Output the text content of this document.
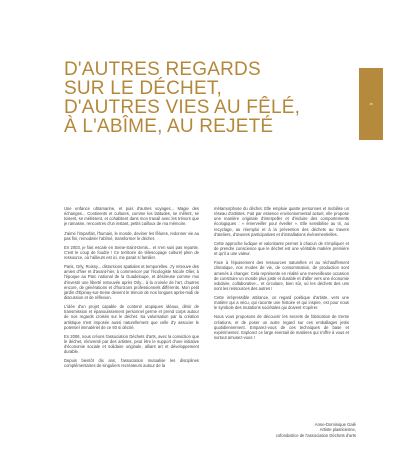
15
D'AUTRES REGARDS
SUR LE DÉCHET,
D'AUTRES VIES AU FÊLÉ,
À L'ABÎME, AU REJETÉ

Une enfance ultramarine, et puis d'autres voyages... Magie des échanges... Continents et cultures, comme les latitudes, se mêlent, se toisent, se métissent, et cohabitent dans mon travail avec les trésors que je ramasse, rencontres d'un instant, petits cailloux de ma mémoire.

J'aime l'imparfait, l'humain, le monde, deviner les fêlures, redonner vie au pas fini, remodeler l'abîmé, transformer le déchet.

En 2003, je fais escale en Seine-Saint-Denis... et n'en suis pas repartie. C'est le coup de foudre ! Ce territoire de télescopage culturel plein de ressource, où l'ailleurs est ici, me parait si familier.

Paris, Orly, Roissy... distorsions spatiales et temporelles. J'y retrouve des amies d'hier et d'avant-hier, à commencer par l'écologiste Nicole Olier, à l'époque au Parc national de la Guadeloupe, et désireuse comme moi d'investir une liberté retrouvée après Orly... à la croisée de l'art, d'autres encore, de générations et d'horizons professionnels différents. Mon petit jardin d'Épinay-sur-Seine devient le témoin de nos longues après-midi de discussion et de réflexion.

L'idée d'un projet capable de contenir utopiques idéaux, désir de transmission et épanouissement personnel germe et prend corps autour de nos regards croisés sur le déchet. Sa valorisation par la création artistique s'est imposée aussi naturellement que celle d'y associer le potentiel immatériel de ce 93 si décrié.

En 2006, nous créons l'association Déchets d'arts, avec la conviction que le déchet, réinventé par des artistes, peut être le support d'une initiative d'économie sociale et solidaire originale, alliant art et développement durable.

Depuis bientôt dix ans, l'association mutualise les disciplines complémentaires de singuliers recréateurs autour de la

métamorphose du déchet. Elle emploie quatre personnes et mobilise un réseau d'artistes. Fait par essence environnemental actuel, elle propose une manière originale d'interpeller et d'induire des comportements écologiques : « émerveiller pour éveiller ». Elle sensibilise au tri, au recyclage, au réemploi et à la prévention des déchets au travers d'ateliers, d'œuvres participatives et d'installations événementielles.

Cette approche ludique et valorisante permet à chacun de s'impliquer et de prendre conscience que le déchet est une véritable matière première et qu'il a une valeur.

Face à l'épuisement des ressources naturelles et au réchauffement climatique, nos modes de vie, de consommation, de production sont amenés à changer. Cela représente en réalité une merveilleuse occasion de construire un monde plus juste et durable et d'aller vers une économie solidaire, collaborative... et circulaire, bien sûr, où les déchets des uns sont les ressources des autres !

Cette irrépressible attirance, ce regard poétique d'artiste, vers une matière qui a vécu, qui raconte une histoire et qui inspire, est pour nous le symbole des mutations sociétales qui doivent s'opérer.

Nous vous proposons de découvrir les secrets de fabrication de trente créations, et de poser un autre regard sur ces emballages jetés quotidiennement. Emparez-vous de ces techniques de base et expérimentez. Explorez ce large éventail de matières qui s'offre à vous et surtout amusez-vous !

Anne-Dominique Galé
Artiste plasticienne,
cofondatrice de l'association Déchets d'arts
